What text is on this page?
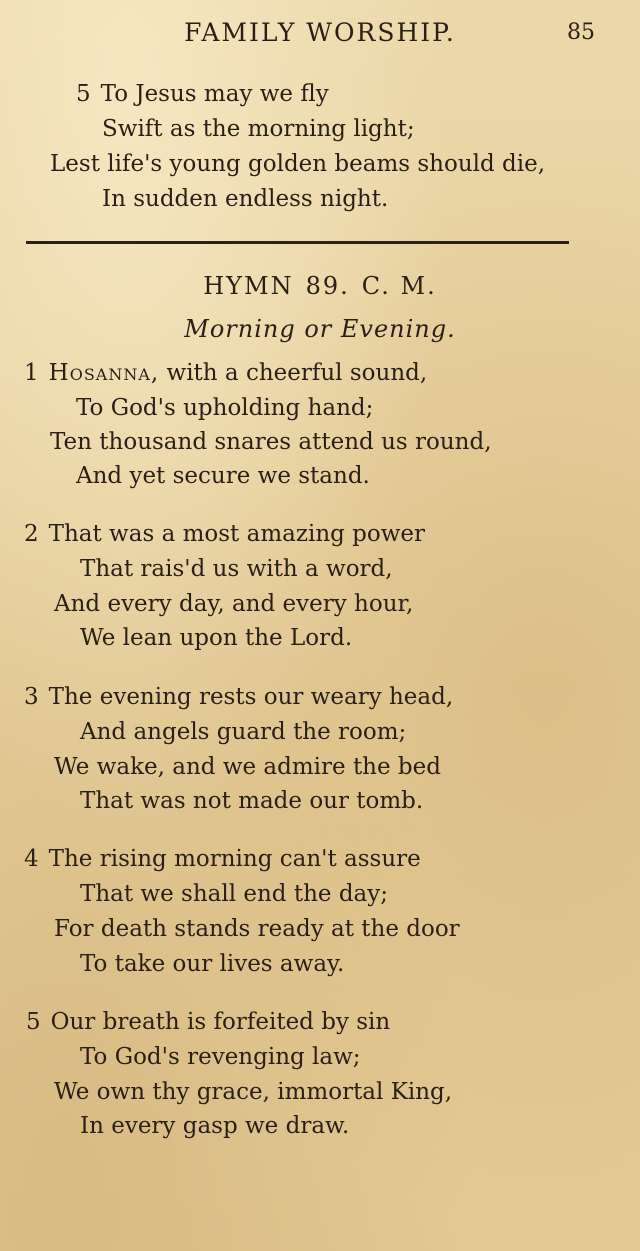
FAMILY WORSHIP.	85
5 To Jesus may we fly
Swift as the morning light;
Lest life's young golden beams should die,
In sudden endless night.
HYMN 89. C. M.
Morning or Evening.
1 Hosanna, with a cheerful sound,
To God's upholding hand;
Ten thousand snares attend us round,
And yet secure we stand.
2 That was a most amazing power
That rais'd us with a word,
And every day, and every hour,
We lean upon the Lord.
3 The evening rests our weary head,
And angels guard the room;
We wake, and we admire the bed
That was not made our tomb.
4 The rising morning can't assure
That we shall end the day;
For death stands ready at the door
To take our lives away.
5 Our breath is forfeited by sin
To God's revenging law;
We own thy grace, immortal King,
In every gasp we draw.
